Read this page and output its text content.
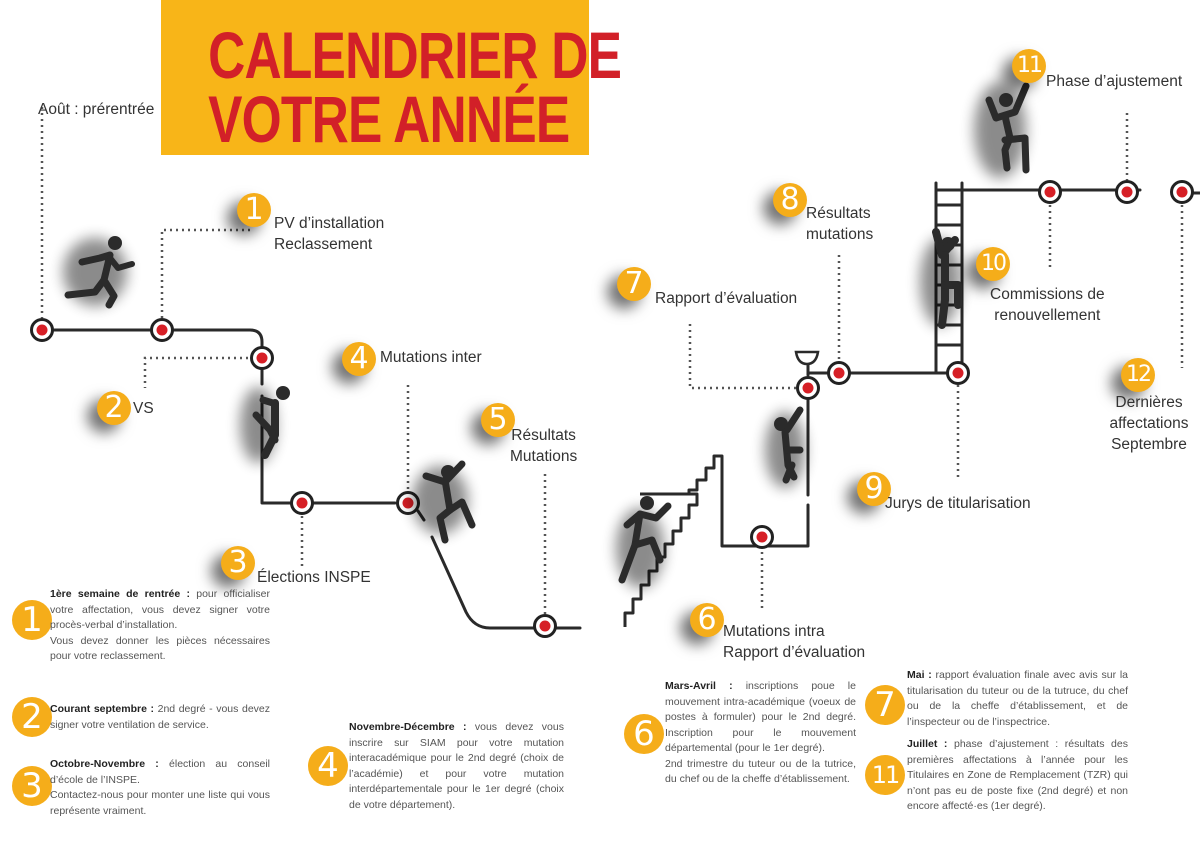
CALENDRIER DE
VOTRE ANNÉE
Août : prérentrée
1 PV d’installation
Reclassement
2 VS
3 Élections INSPE
4 Mutations inter
5 Résultats
Mutations
6 Mutations intra
Rapport d’évaluation
7 Rapport d’évaluation
8 Résultats
mutations
9 Jurys de titularisation
10
Commissions de
renouvellement
11
Phase d’ajustement
12
Dernières
affectations
Septembre
1
1ère semaine de rentrée : pour officialiser votre affectation, vous devez signer votre procès-verbal d’installation.
Vous devez donner les pièces nécessaires pour votre reclassement.
2 Courant septembre : 2nd degré - vous devez signer votre ventilation de service.
3
Octobre-Novembre : élection au conseil d’école de l’INSPE.
Contactez-nous pour monter une liste qui vous représente vraiment.
4
Novembre-Décembre : vous devez vous inscrire sur SIAM pour votre mutation interacadémique pour le 2nd degré (choix de l’académie) et pour votre mutation interdépartementale pour le 1er degré (choix de votre département).
6
Mars-Avril : inscriptions poue le mouvement intra-académique (voeux de postes à formuler) pour le 2nd degré. Inscription pour le mouvement départemental (pour le 1er degré).
2nd trimestre du tuteur ou de la tutrice, du chef ou de la cheffe d’établissement.
7
Mai : rapport évaluation finale avec avis sur la titularisation du tuteur ou de la tutruce, du chef ou de la cheffe d’établissement, et de l’inspecteur ou de l’inspectrice.
11
Juillet : phase d’ajustement : résultats des premières affectations à l’année pour les Titulaires en Zone de Remplacement (TZR) qui n’ont pas eu de poste fixe (2nd degré) et non encore affecté·es (1er degré).
